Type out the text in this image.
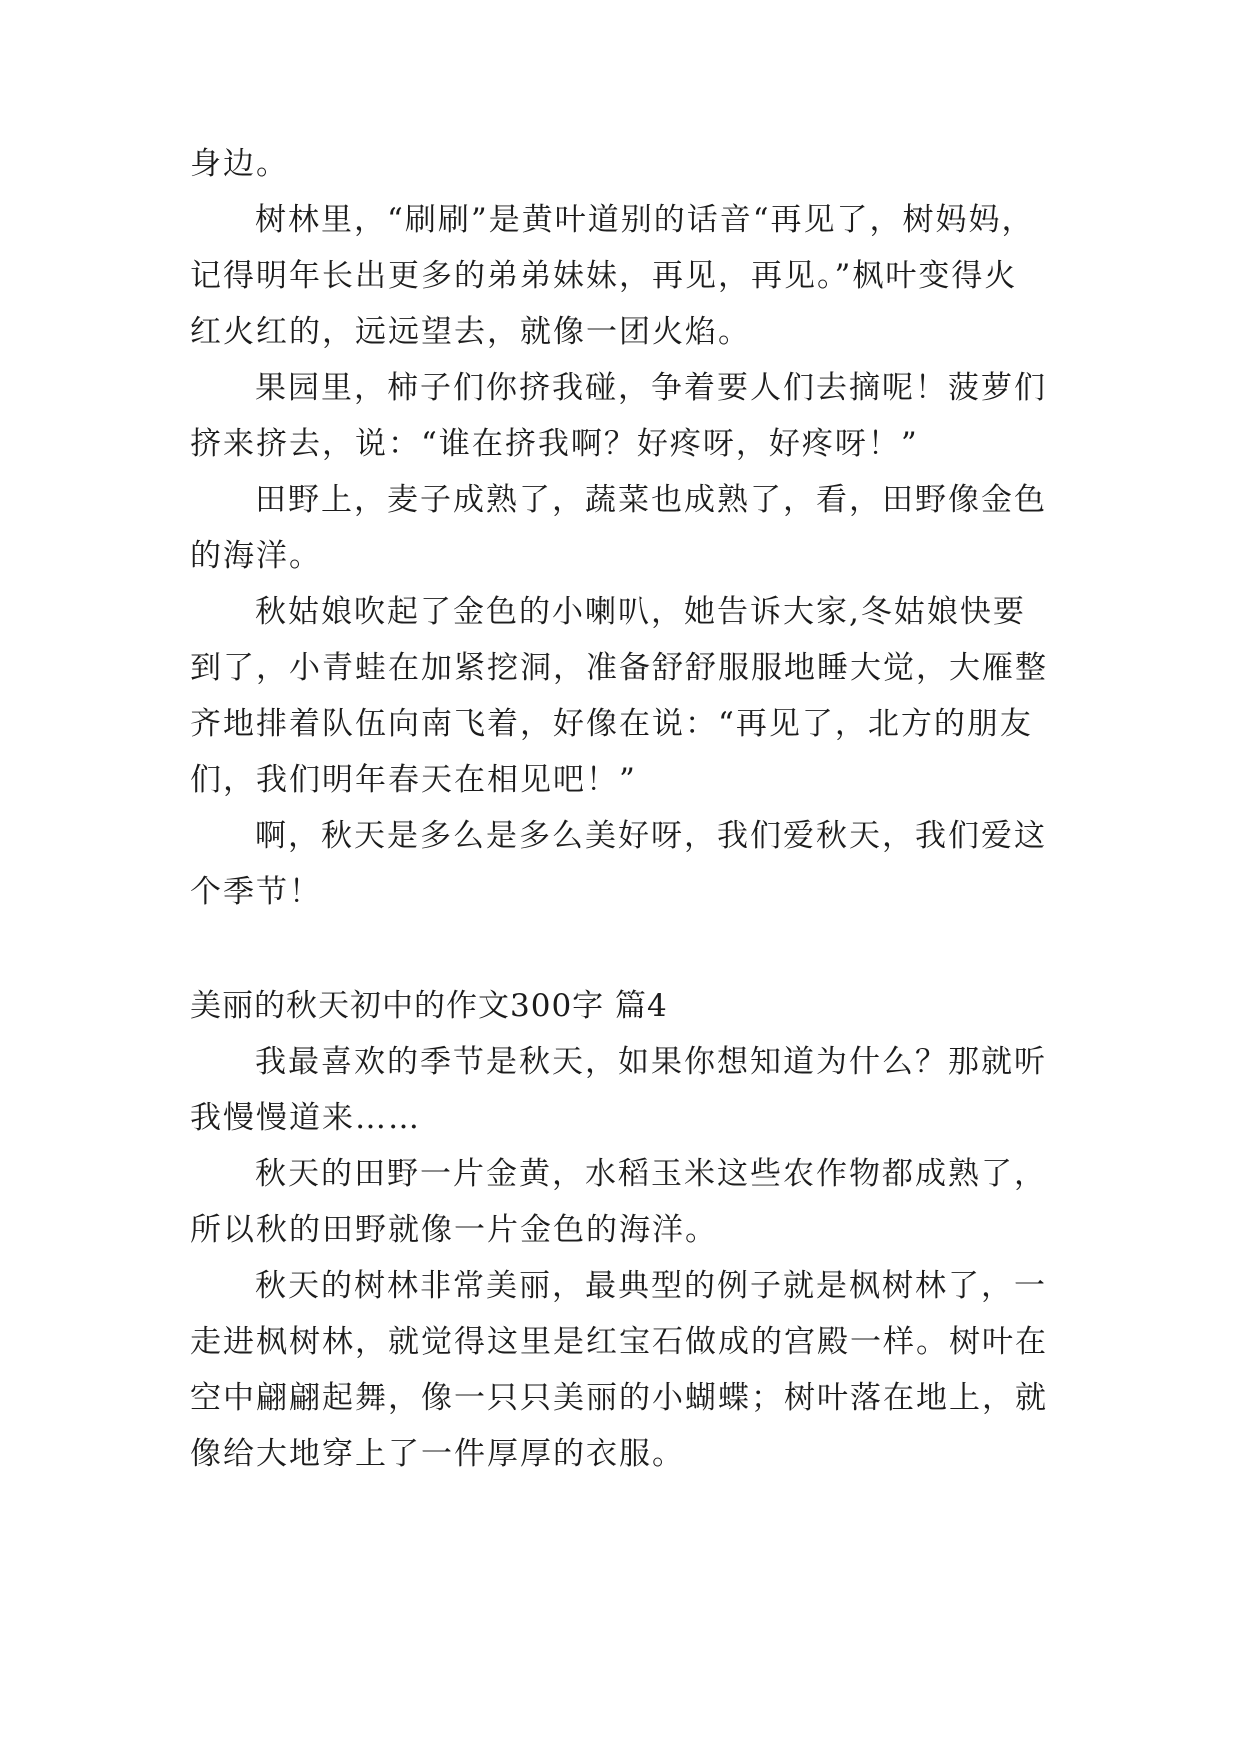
身边。
树林里，“刷刷”是黄叶道别的话音“再见了，树妈妈，
记得明年长出更多的弟弟妹妹，再见，再见。”枫叶变得火
红火红的，远远望去，就像一团火焰。
果园里，柿子们你挤我碰，争着要人们去摘呢！菠萝们
挤来挤去，说：“谁在挤我啊？好疼呀，好疼呀！”
田野上，麦子成熟了，蔬菜也成熟了，看，田野像金色
的海洋。
秋姑娘吹起了金色的小喇叭，她告诉大家,冬姑娘快要
到了，小青蛙在加紧挖洞，准备舒舒服服地睡大觉，大雁整
齐地排着队伍向南飞着，好像在说：“再见了，北方的朋友
们，我们明年春天在相见吧！”
啊，秋天是多么是多么美好呀，我们爱秋天，我们爱这
个季节！
美丽的秋天初中的作文300字 篇4
我最喜欢的季节是秋天，如果你想知道为什么？那就听
我慢慢道来……
秋天的田野一片金黄，水稻玉米这些农作物都成熟了，
所以秋的田野就像一片金色的海洋。
秋天的树林非常美丽，最典型的例子就是枫树林了，一
走进枫树林，就觉得这里是红宝石做成的宫殿一样。树叶在
空中翩翩起舞，像一只只美丽的小蝴蝶；树叶落在地上，就
像给大地穿上了一件厚厚的衣服。
